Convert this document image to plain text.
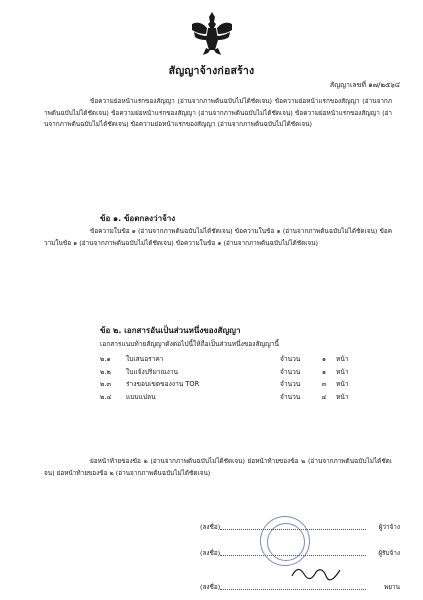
สัญญาจ้างก่อสร้าง
สัญญาเลขที่ ๑๗/๒๕๖๔

ข้อความย่อหน้าแรกของสัญญา (อ่านจากภาพต้นฉบับไม่ได้ชัดเจน) ข้อความย่อหน้าแรกของสัญญา (อ่านจากภาพต้นฉบับไม่ได้ชัดเจน) ข้อความย่อหน้าแรกของสัญญา (อ่านจากภาพต้นฉบับไม่ได้ชัดเจน) ข้อความย่อหน้าแรกของสัญญา (อ่านจากภาพต้นฉบับไม่ได้ชัดเจน) ข้อความย่อหน้าแรกของสัญญา (อ่านจากภาพต้นฉบับไม่ได้ชัดเจน)

ข้อ ๑. ข้อตกลงว่าจ้าง

ข้อความในข้อ ๑ (อ่านจากภาพต้นฉบับไม่ได้ชัดเจน) ข้อความในข้อ ๑ (อ่านจากภาพต้นฉบับไม่ได้ชัดเจน) ข้อความในข้อ ๑ (อ่านจากภาพต้นฉบับไม่ได้ชัดเจน) ข้อความในข้อ ๑ (อ่านจากภาพต้นฉบับไม่ได้ชัดเจน)

ข้อ ๒. เอกสารอันเป็นส่วนหนึ่งของสัญญา
เอกสารแนบท้ายสัญญาดังต่อไปนี้ให้ถือเป็นส่วนหนึ่งของสัญญานี้
๒.๑	ใบเสนอราคา	จำนวน	๑	หน้า
๒.๒	ใบแจ้งปริมาณงาน	จำนวน	๑	หน้า
๒.๓	ร่างขอบเขตของงาน TOR	จำนวน	๓	หน้า
๒.๔	แบบแปลน	จำนวน	๔	หน้า

ย่อหน้าท้ายของข้อ ๒ (อ่านจากภาพต้นฉบับไม่ได้ชัดเจน) ย่อหน้าท้ายของข้อ ๒ (อ่านจากภาพต้นฉบับไม่ได้ชัดเจน) ย่อหน้าท้ายของข้อ ๒ (อ่านจากภาพต้นฉบับไม่ได้ชัดเจน)

(ลงชื่อ)	ผู้ว่าจ้าง
(ลงชื่อ)	ผู้รับจ้าง
(ลงชื่อ)	พยาน
